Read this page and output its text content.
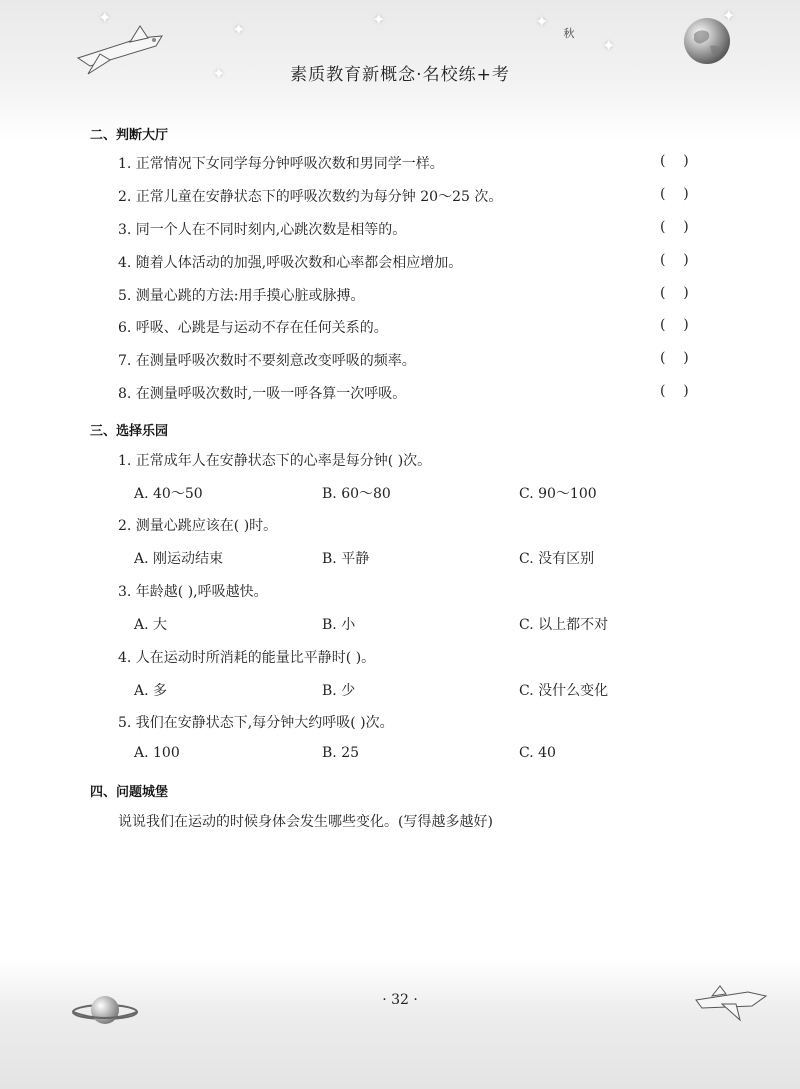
✦
✦
✦	✦
✦
✦
✦
秋
素质教育新概念·名校练+考
二、判断大厅
1. 正常情况下女同学每分钟呼吸次数和男同学一样。	(    )
2. 正常儿童在安静状态下的呼吸次数约为每分钟 20～25 次。	(    )
3. 同一个人在不同时刻内,心跳次数是相等的。	(    )
4. 随着人体活动的加强,呼吸次数和心率都会相应增加。	(    )
5. 测量心跳的方法:用手摸心脏或脉搏。	(    )
6. 呼吸、心跳是与运动不存在任何关系的。	(    )
7. 在测量呼吸次数时不要刻意改变呼吸的频率。	(    )
8. 在测量呼吸次数时,一吸一呼各算一次呼吸。	(    )
三、选择乐园
1. 正常成年人在安静状态下的心率是每分钟( )次。
A. 40～50	B. 60～80	C. 90～100
2. 测量心跳应该在( )时。
A. 刚运动结束	B. 平静	C. 没有区别
3. 年龄越( ),呼吸越快。
A. 大	B. 小	C. 以上都不对
4. 人在运动时所消耗的能量比平静时( )。
A. 多	B. 少	C. 没什么变化
5. 我们在安静状态下,每分钟大约呼吸( )次。
A. 100	B. 25	C. 40
四、问题城堡
说说我们在运动的时候身体会发生哪些变化。(写得越多越好)
· 32 ·
